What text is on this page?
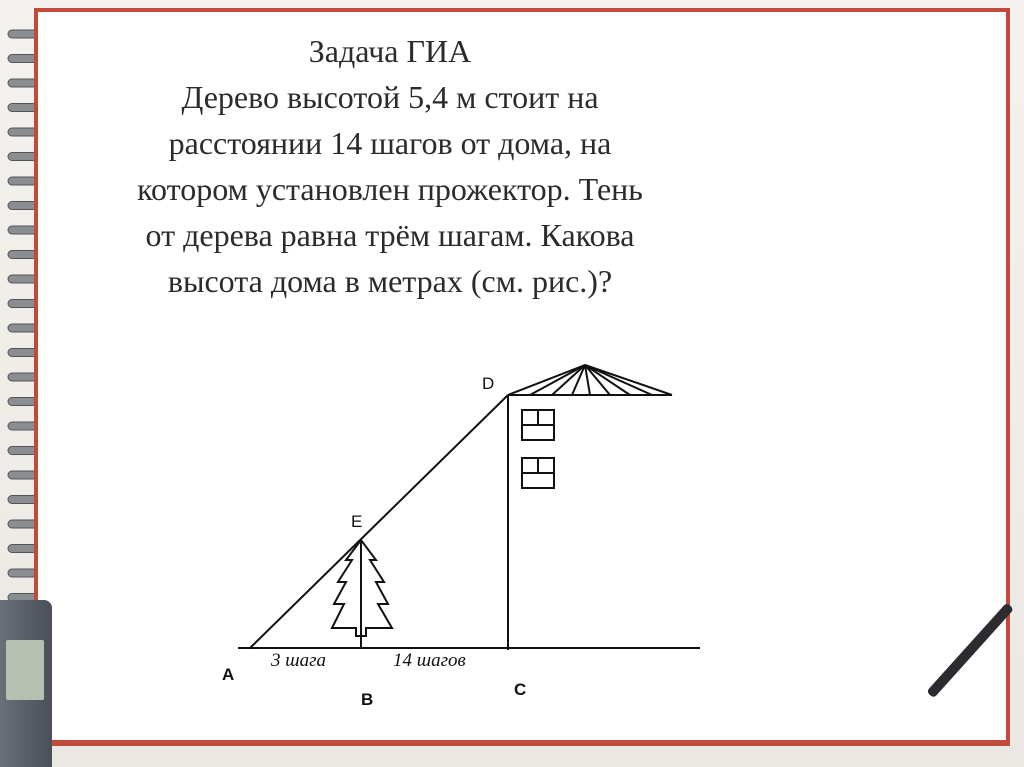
Задача ГИА
Дерево высотой 5,4 м стоит на
расстоянии 14 шагов от дома, на
котором установлен прожектор. Тень
от дерева равна трём шагам. Какова
высота дома в метрах (см. рис.)?
D
E
A
B
C
3 шага	14 шагов
